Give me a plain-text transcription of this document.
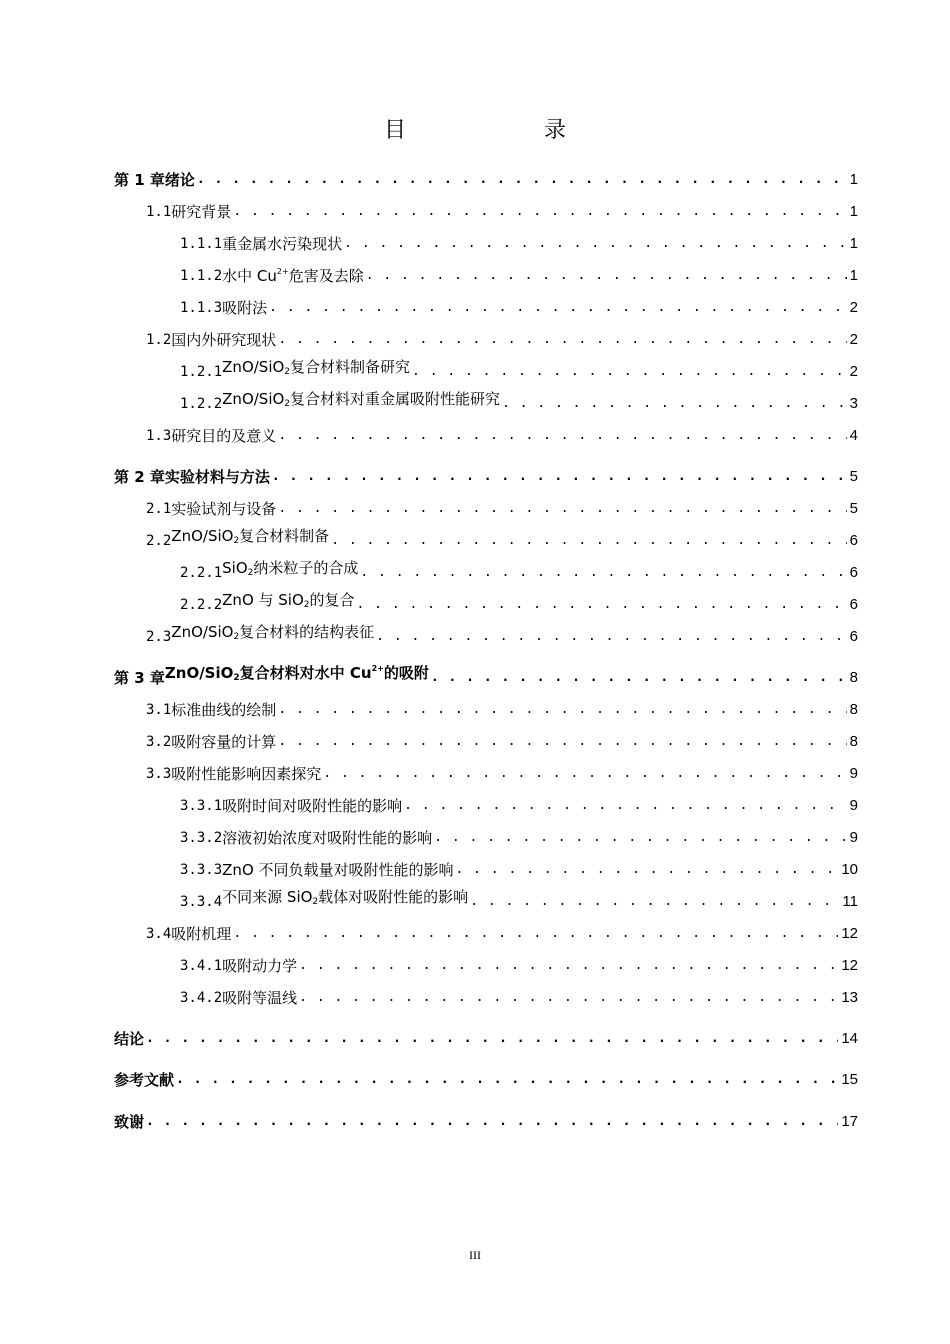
目　录
第 1 章 绪论 . . .	1
1.1 研究背景 . . .	1
1.1.1 重金属水污染现状 . . .	1
1.1.2 水中 $Cu^{2+}$危害及去除 . . .	1
1.1.3 吸附法 . . .	2
1.2 国内外研究现状 . . .	2
1.2.1 ZnO/SiO$_2$复合材料制备研究 . . .	2
1.2.2 ZnO/SiO$_2$复合材料对重金属吸附性能研究 . . .	3
1.3 研究目的及意义 . . .	4
第 2 章 实验材料与方法 . . .	5
2.1 实验试剂与设备 . . .	5
2.2 ZnO/SiO$_2$复合材料制备 . . .	6
2.2.1 SiO$_2$纳米粒子的合成 . . .	6
2.2.2 ZnO 与 SiO$_2$的复合 . . .	6
2.3 ZnO/SiO$_2$复合材料的结构表征 . . .	6
第 3 章 ZnO/SiO$_2$复合材料对水中 $Cu^{2+}$的吸附 . . .	8
3.1 标准曲线的绘制 . . .	8
3.2 吸附容量的计算 . . .	8
3.3 吸附性能影响因素探究 . . .	9
3.3.1 吸附时间对吸附性能的影响 . . .	9
3.3.2 溶液初始浓度对吸附性能的影响 . . .	9
3.3.3 ZnO 不同负载量对吸附性能的影响 . . .	10
3.3.4 不同来源 SiO$_2$载体对吸附性能的影响 . . .	11
3.4 吸附机理 . . .	12
3.4.1 吸附动力学 . . .	12
3.4.2 吸附等温线 . . .	13
结论 . . .	14
参考文献 . . .	15
致谢 . . .	17
III
